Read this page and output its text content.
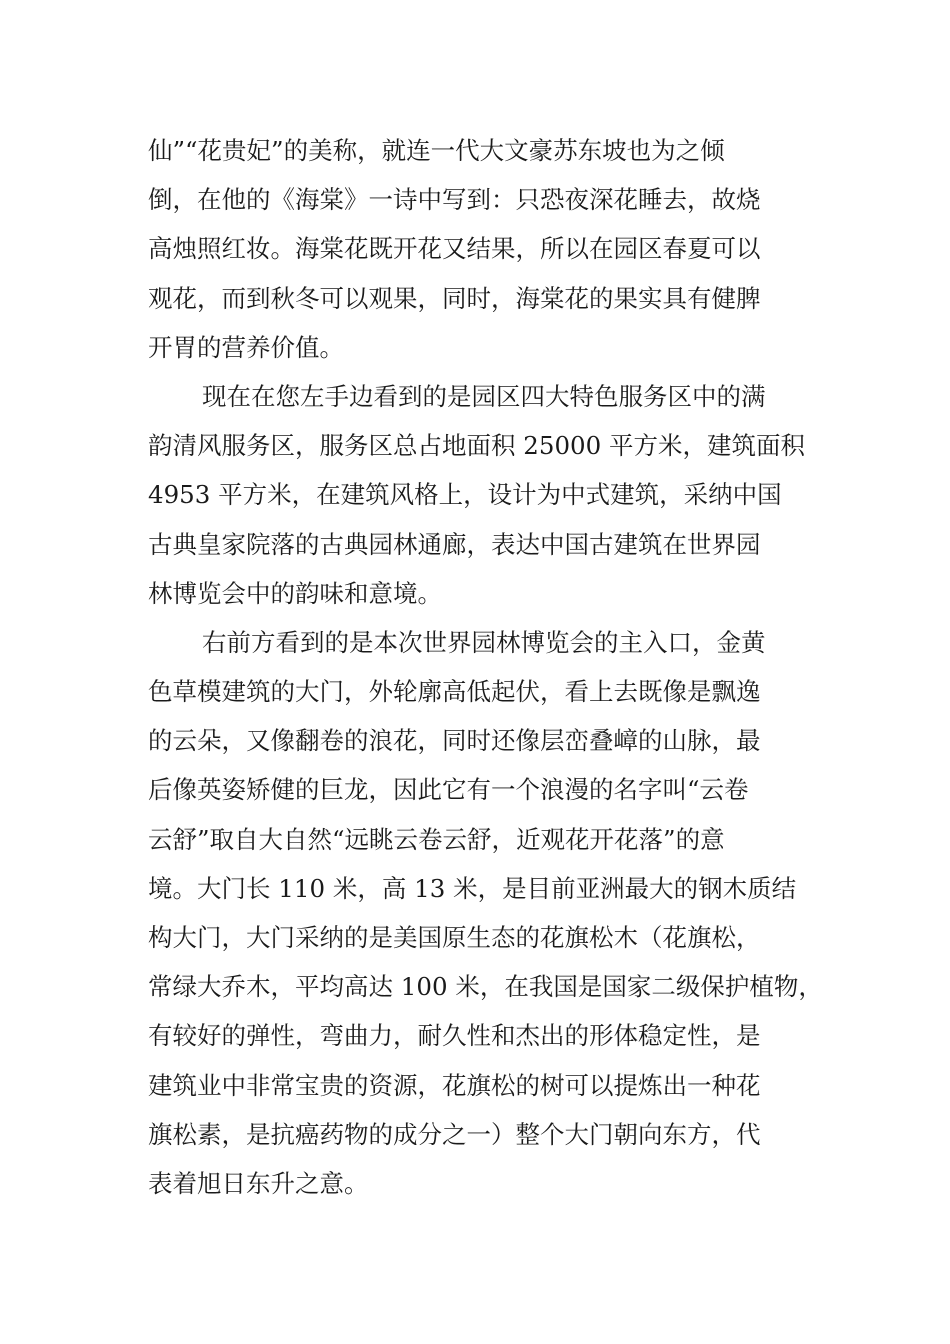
仙”“花贵妃”的美称，就连一代大文豪苏东坡也为之倾
倒，在他的《海棠》一诗中写到：只恐夜深花睡去，故烧
高烛照红妆。海棠花既开花又结果，所以在园区春夏可以
观花，而到秋冬可以观果，同时，海棠花的果实具有健脾
开胃的营养价值。
现在在您左手边看到的是园区四大特色服务区中的满
韵清风服务区，服务区总占地面积 25000 平方米，建筑面积
4953 平方米，在建筑风格上，设计为中式建筑，采纳中国
古典皇家院落的古典园林通廊，表达中国古建筑在世界园
林博览会中的韵味和意境。
右前方看到的是本次世界园林博览会的主入口，金黄
色草模建筑的大门，外轮廓高低起伏，看上去既像是飘逸
的云朵，又像翻卷的浪花，同时还像层峦叠嶂的山脉，最
后像英姿矫健的巨龙，因此它有一个浪漫的名字叫“云卷
云舒”取自大自然“远眺云卷云舒，近观花开花落”的意
境。大门长 110 米，高 13 米，是目前亚洲最大的钢木质结
构大门，大门采纳的是美国原生态的花旗松木（花旗松，
常绿大乔木，平均高达 100 米，在我国是国家二级保护植物，
有较好的弹性，弯曲力，耐久性和杰出的形体稳定性，是
建筑业中非常宝贵的资源，花旗松的树可以提炼出一种花
旗松素，是抗癌药物的成分之一）整个大门朝向东方，代
表着旭日东升之意。
